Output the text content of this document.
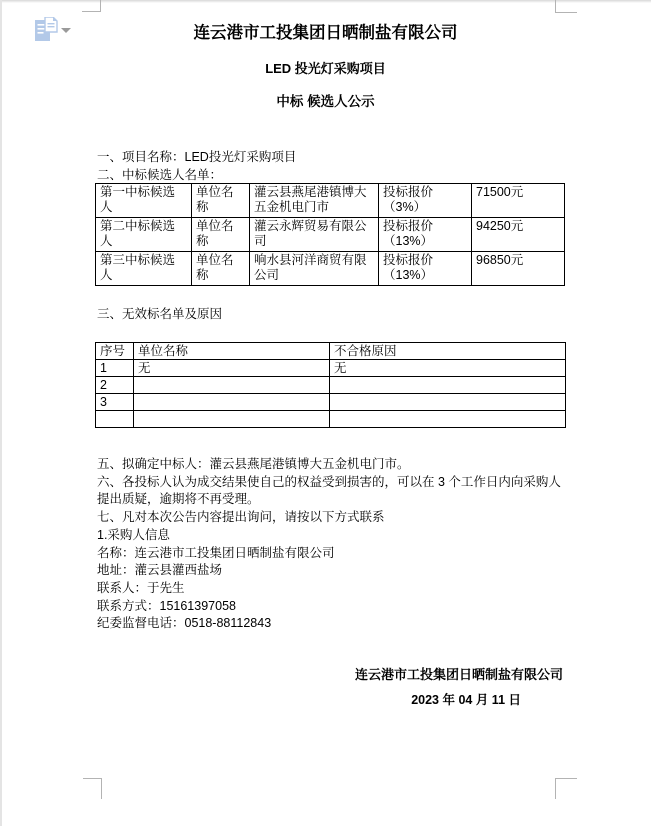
连云港市工投集团日晒制盐有限公司
LED 投光灯采购项目
中标 候选人公示
一、项目名称：LED投光灯采购项目
二、中标候选人名单：
第一中标候选人	单位名称	灌云县燕尾港镇博大五金机电门市	投标报价（3%）	71500元
第二中标候选人	单位名称	灌云永辉贸易有限公司	投标报价（13%）	94250元
第三中标候选人	单位名称	响水县河洋商贸有限公司	投标报价（13%）	96850元
三、无效标名单及原因
序号	单位名称	不合格原因
1	无	无
2		
3		

五、拟确定中标人：灌云县燕尾港镇博大五金机电门市。
六、各投标人认为成交结果使自己的权益受到损害的，可以在 3 个工作日内向采购人提出质疑，逾期将不再受理。
七、凡对本次公告内容提出询问，请按以下方式联系
1.采购人信息
名称：连云港市工投集团日晒制盐有限公司
地址：灌云县灌西盐场
联系人：于先生
联系方式：15161397058
纪委监督电话：0518-88112843
连云港市工投集团日晒制盐有限公司
2023 年 04 月 11 日
